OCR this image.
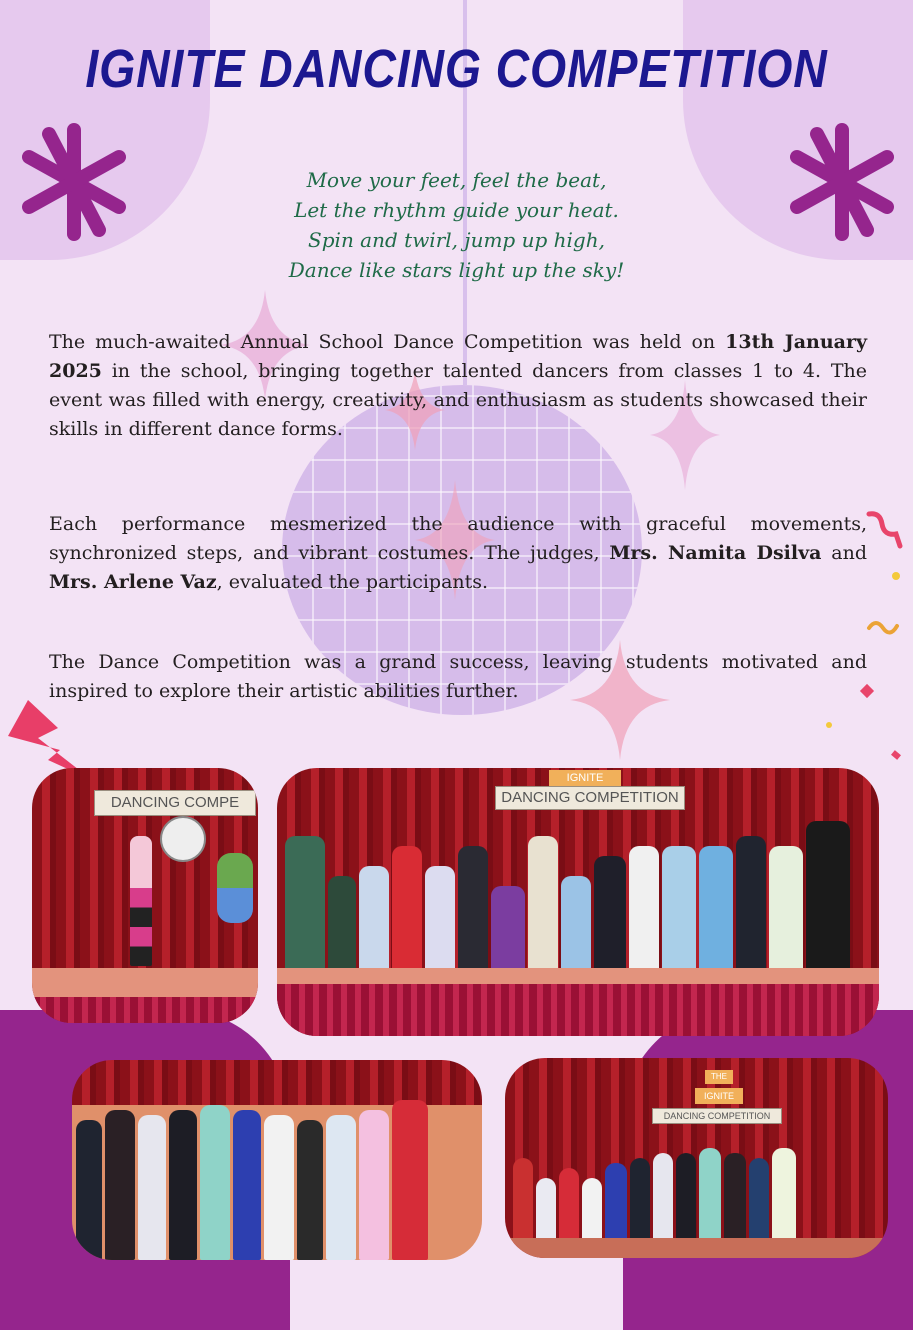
IGNITE DANCING COMPETITION
Move your feet, feel the beat,
Let the rhythm guide your heat.
Spin and twirl, jump up high,
Dance like stars light up the sky!
The much-awaited Annual School Dance Competition was held on 13th January 2025 in the school, bringing together talented dancers from classes 1 to 4. The event was filled with energy, creativity, and enthusiasm as students showcased their skills in different dance forms.
Each performance mesmerized the audience with graceful movements, synchronized steps, and vibrant costumes. The judges, Mrs. Namita Dsilva and Mrs. Arlene Vaz, evaluated the participants.
The Dance Competition was a grand success, leaving students motivated and inspired to explore their artistic abilities further.
DANCING COMPE
IGNITE
DANCING COMPETITION
THE
IGNITE
DANCING COMPETITION
